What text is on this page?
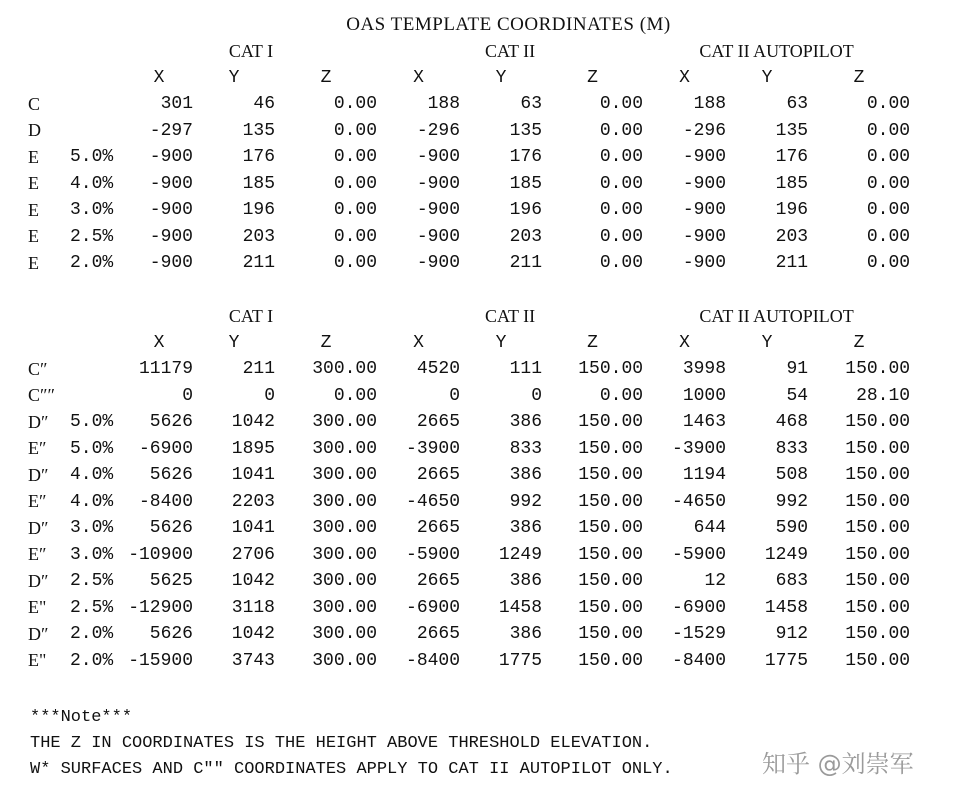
OAS TEMPLATE COORDINATES (M)
		CAT I			CAT II			CAT II AUTOPILOT			
		X	Y	Z	X	Y	Z	X	Y	Z	
C		301	46	0.00	188	63	0.00	188	63	0.00	
D		-297	135	0.00	-296	135	0.00	-296	135	0.00	
E	5.0%	-900	176	0.00	-900	176	0.00	-900	176	0.00	
E	4.0%	-900	185	0.00	-900	185	0.00	-900	185	0.00	
E	3.0%	-900	196	0.00	-900	196	0.00	-900	196	0.00	
E	2.5%	-900	203	0.00	-900	203	0.00	-900	203	0.00	
E	2.0%	-900	211	0.00	-900	211	0.00	-900	211	0.00	
		CAT I			CAT II			CAT II AUTOPILOT			
		X	Y	Z	X	Y	Z	X	Y	Z	
C″		11179	211	300.00	4520	111	150.00	3998	91	150.00	
C″″		0	0	0.00	0	0	0.00	1000	54	28.10	
D″	5.0%	5626	1042	300.00	2665	386	150.00	1463	468	150.00	
E″	5.0%	-6900	1895	300.00	-3900	833	150.00	-3900	833	150.00	
D″	4.0%	5626	1041	300.00	2665	386	150.00	1194	508	150.00	
E″	4.0%	-8400	2203	300.00	-4650	992	150.00	-4650	992	150.00	
D″	3.0%	5626	1041	300.00	2665	386	150.00	644	590	150.00	
E″	3.0%	-10900	2706	300.00	-5900	1249	150.00	-5900	1249	150.00	
D″	2.5%	5625	1042	300.00	2665	386	150.00	12	683	150.00	
E"	2.5%	-12900	3118	300.00	-6900	1458	150.00	-6900	1458	150.00	
D″	2.0%	5626	1042	300.00	2665	386	150.00	-1529	912	150.00	
E"	2.0%	-15900	3743	300.00	-8400	1775	150.00	-8400	1775	150.00	
***Note***
THE Z IN COORDINATES IS THE HEIGHT ABOVE THRESHOLD ELEVATION.
W* SURFACES AND C″″ COORDINATES APPLY TO CAT II AUTOPILOT ONLY.	知乎 @刘崇军
